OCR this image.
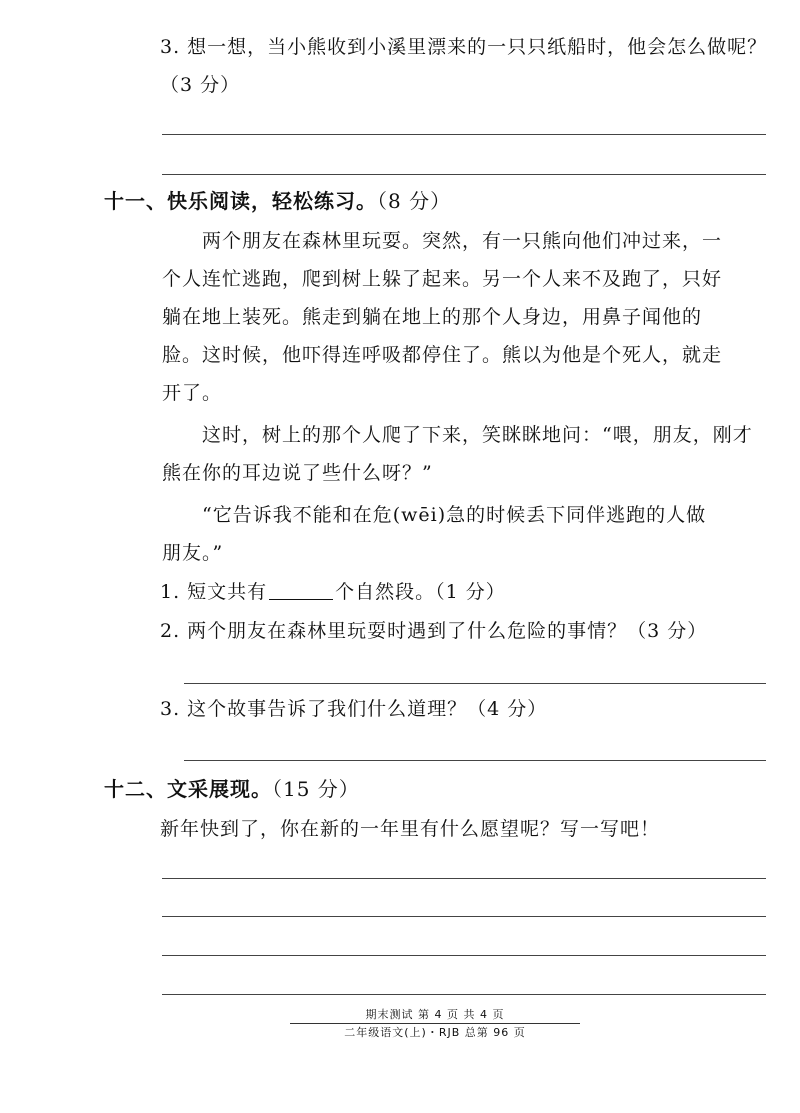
3. 想一想，当小熊收到小溪里漂来的一只只纸船时，他会怎么做呢？
（3 分）
十一、快乐阅读，轻松练习。（8 分）
两个朋友在森林里玩耍。突然，有一只熊向他们冲过来，一
个人连忙逃跑，爬到树上躲了起来。另一个人来不及跑了，只好
躺在地上装死。熊走到躺在地上的那个人身边，用鼻子闻他的
脸。这时候，他吓得连呼吸都停住了。熊以为他是个死人，就走
开了。
这时，树上的那个人爬了下来，笑眯眯地问：“喂，朋友，刚才
熊在你的耳边说了些什么呀？”
“它告诉我不能和在危(wēi)急的时候丢下同伴逃跑的人做
朋友。”
1. 短文共有	个自然段。（1 分）
2. 两个朋友在森林里玩耍时遇到了什么危险的事情？（3 分）
3. 这个故事告诉了我们什么道理？（4 分）
十二、文采展现。（15 分）
新年快到了，你在新的一年里有什么愿望呢？写一写吧！
期末测试 第 4 页 共 4 页
二年级语文(上)・RJB 总第 96 页
